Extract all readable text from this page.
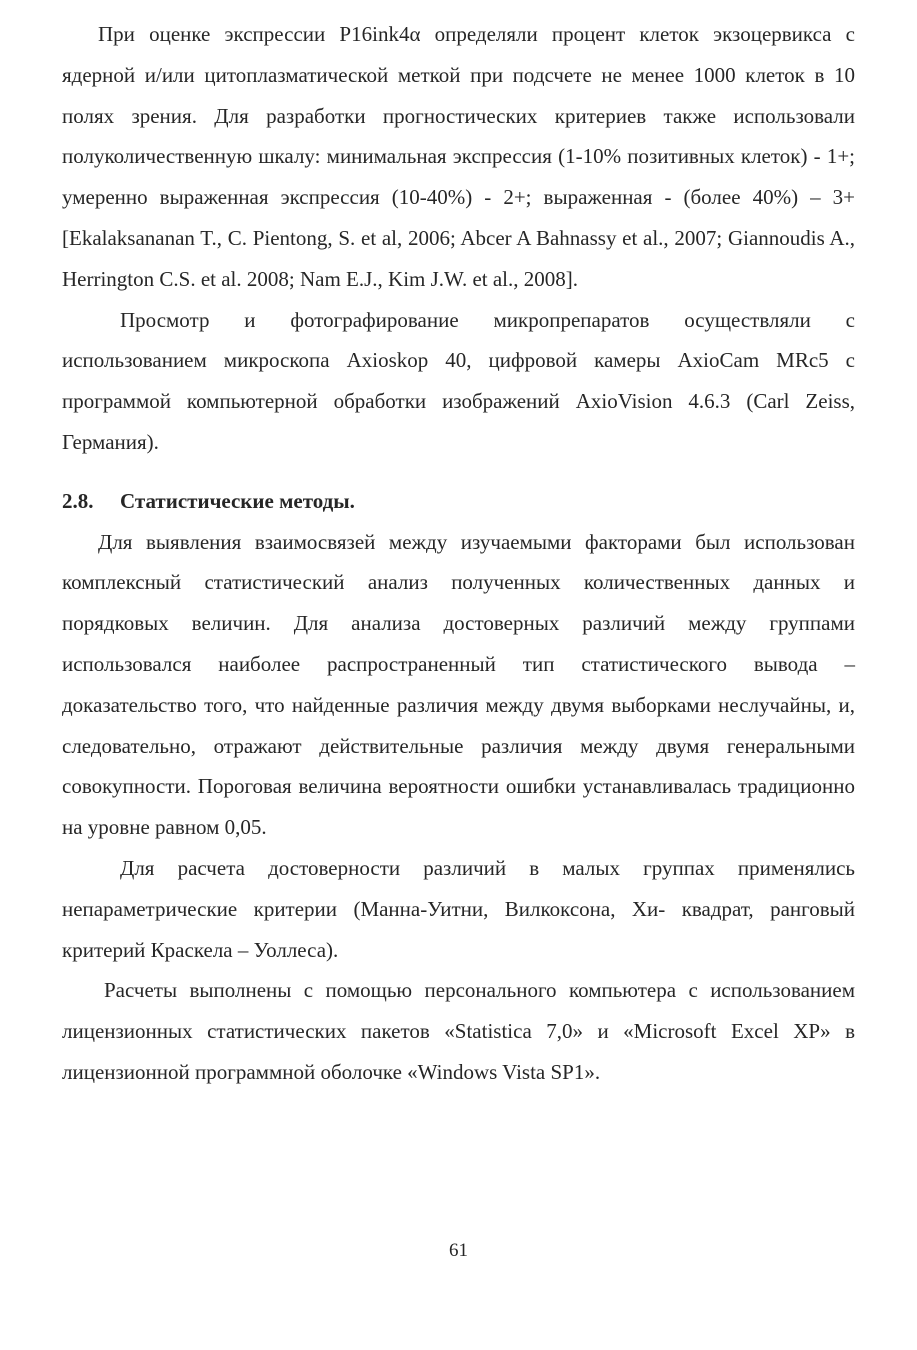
При оценке экспрессии P16ink4α определяли процент клеток экзоцервикса с ядерной и/или цитоплазматической меткой при подсчете не менее 1000 клеток в 10 полях зрения. Для разработки прогностических критериев также использовали полуколичественную шкалу: минимальная экспрессия (1-10% позитивных клеток) - 1+; умеренно выраженная экспрессия (10-40%) - 2+; выраженная - (более 40%) – 3+ [Ekalaksananan T., C. Pientong, S. et al, 2006; Abcer A Bahnassy et al., 2007; Giannoudis A., Herrington C.S. et al. 2008; Nam E.J., Kim J.W. et al., 2008].

Просмотр и фотографирование микропрепаратов осуществляли с использованием микроскопа Axioskop 40, цифровой камеры AxioCam MRc5 с программой компьютерной обработки изображений AxioVision 4.6.3 (Carl Zeiss, Германия).

2.8. Статистические методы.

Для выявления взаимосвязей между изучаемыми факторами был использован комплексный статистический анализ полученных количественных данных и порядковых величин. Для анализа достоверных различий между группами использовался наиболее распространенный тип статистического вывода – доказательство того, что найденные различия между двумя выборками неслучайны, и, следовательно, отражают действительные различия между двумя генеральными совокупности. Пороговая величина вероятности ошибки устанавливалась традиционно на уровне равном 0,05.

Для расчета достоверности различий в малых группах применялись непараметрические критерии (Манна-Уитни, Вилкоксона, Хи- квадрат, ранговый критерий Краскела – Уоллеса).

Расчеты выполнены с помощью персонального компьютера с использованием лицензионных статистических пакетов «Statistica 7,0» и «Microsoft Excel XP» в лицензионной программной оболочке «Windows Vista SP1».

61
